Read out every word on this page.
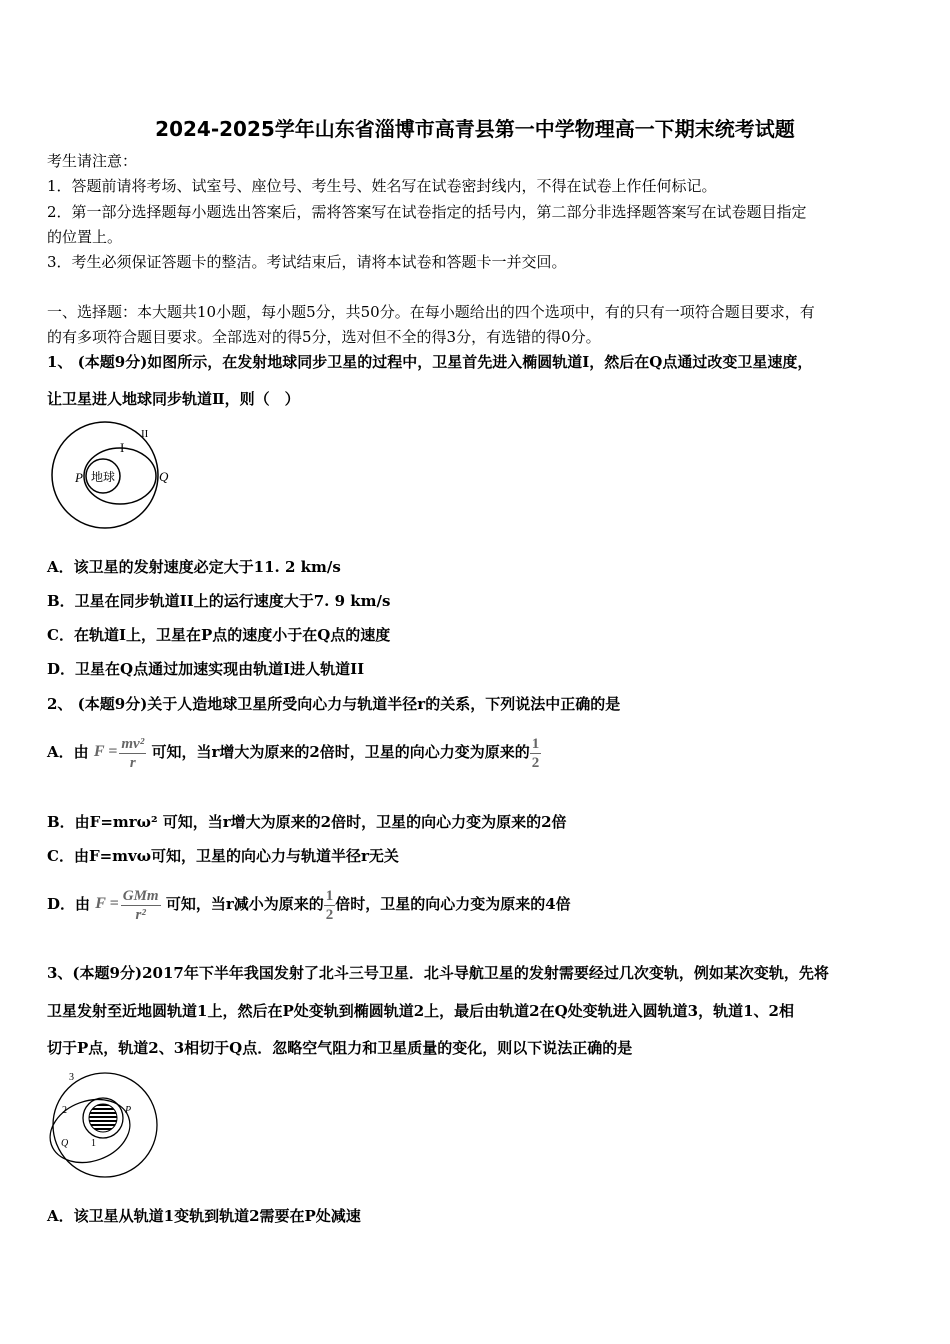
2024-2025学年山东省淄博市高青县第一中学物理高一下期末统考试题
考生请注意：
1．答题前请将考场、试室号、座位号、考生号、姓名写在试卷密封线内，不得在试卷上作任何标记。
2．第一部分选择题每小题选出答案后，需将答案写在试卷指定的括号内，第二部分非选择题答案写在试卷题目指定
的位置上。
3．考生必须保证答题卡的整洁。考试结束后，请将本试卷和答题卡一并交回。
一、选择题：本大题共10小题，每小题5分，共50分。在每小题给出的四个选项中，有的只有一项符合题目要求，有
的有多项符合题目要求。全部选对的得5分，选对但不全的得3分，有选错的得0分。
1、 (本题9分)如图所示，在发射地球同步卫星的过程中，卫星首先进入椭圆轨道I，然后在Q点通过改变卫星速度，
让卫星进人地球同步轨道Ⅱ，则（　）
地球
I
II
P	Q
A．该卫星的发射速度必定大于11. 2 km/s
B．卫星在同步轨道II上的运行速度大于7. 9 km/s
C．在轨道I上，卫星在P点的速度小于在Q点的速度
D．卫星在Q点通过加速实现由轨道I进人轨道II
2、 (本题9分)关于人造地球卫星所受向心力与轨道半径r的关系，下列说法中正确的是
A．由 $F = \frac{\text{mv²}}{r}$ 可知，当r增大为原来的2倍时，卫星的向心力变为原来的 $\frac{1}{2}$
B．由F=mrω² 可知，当r增大为原来的2倍时，卫星的向心力变为原来的2倍
C．由F=mvω可知，卫星的向心力与轨道半径r无关
D．由 $F = \frac{\text{GMm}}{\text{r²}}$ 可知，当r减小为原来的 $\frac{1}{2}$ 倍时，卫星的向心力变为原来的4倍
3、(本题9分)2017年下半年我国发射了北斗三号卫星．北斗导航卫星的发射需要经过几次变轨，例如某次变轨，先将
卫星发射至近地圆轨道1上，然后在P处变轨到椭圆轨道2上，最后由轨道2在Q处变轨进入圆轨道3，轨道1、2相
切于P点，轨道2、3相切于Q点．忽略空气阻力和卫星质量的变化，则以下说法正确的是
3
2
1
P
Q
A．该卫星从轨道1变轨到轨道2需要在P处减速
